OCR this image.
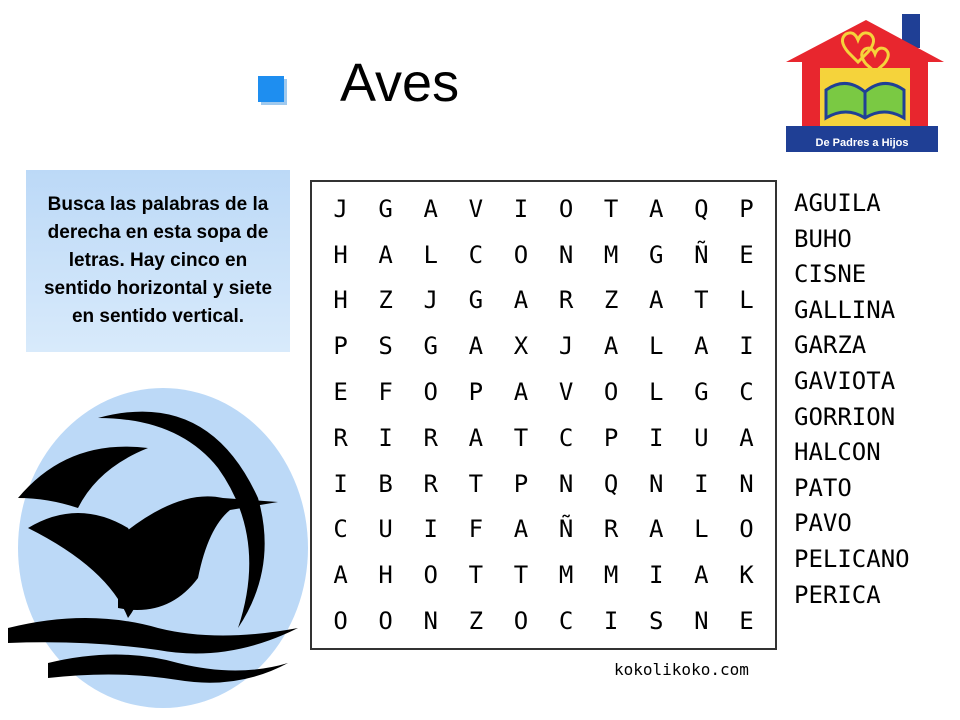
Aves
De Padres a Hijos
Busca las palabras de la derecha en esta sopa de letras. Hay cinco en sentido horizontal y siete en sentido vertical.
J	G	A	V	I	O	T	A	Q	P
H	A	L	C	O	N	M	G	Ñ	E
H	Z	J	G	A	R	Z	A	T	L
P	S	G	A	X	J	A	L	A	I
E	F	O	P	A	V	O	L	G	C
R	I	R	A	T	C	P	I	U	A
I	B	R	T	P	N	Q	N	I	N
C	U	I	F	A	Ñ	R	A	L	O
A	H	O	T	T	M	M	I	A	K
O	O	N	Z	O	C	I	S	N	E
AGUILA
BUHO
CISNE
GALLINA
GARZA
GAVIOTA
GORRION
HALCON
PATO
PAVO
PELICANO
PERICA
kokolikoko.com
